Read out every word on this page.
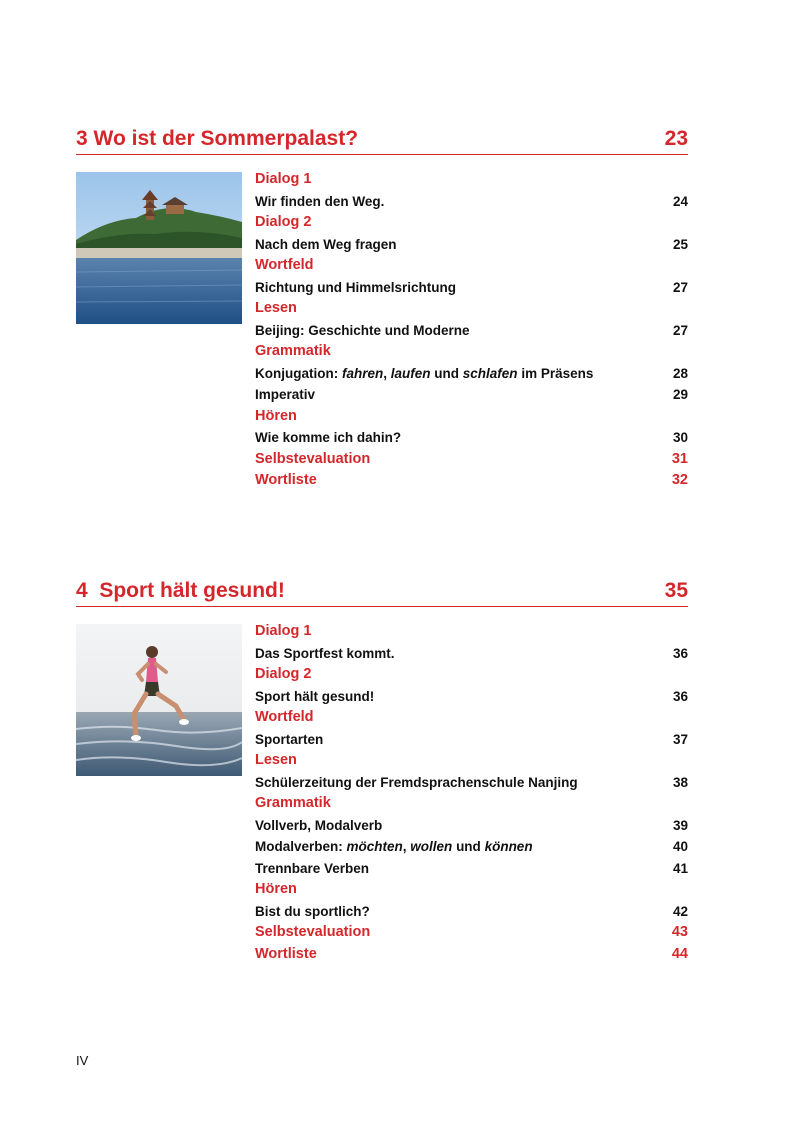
3 Wo ist der Sommerpalast?	23
Dialog 1
Wir finden den Weg.	24
Dialog 2
Nach dem Weg fragen	25
Wortfeld
Richtung und Himmelsrichtung	27
Lesen
Beijing: Geschichte und Moderne	27
Grammatik
Konjugation: fahren, laufen und schlafen im Präsens	28
Imperativ	29
Hören
Wie komme ich dahin?	30
Selbstevaluation	31
Wortliste	32
4  Sport hält gesund!	35
Dialog 1
Das Sportfest kommt.	36
Dialog 2
Sport hält gesund!	36
Wortfeld
Sportarten	37
Lesen
Schülerzeitung der Fremdsprachenschule Nanjing	38
Grammatik
Vollverb, Modalverb	39
Modalverben: möchten, wollen und können	40
Trennbare Verben	41
Hören
Bist du sportlich?	42
Selbstevaluation	43
Wortliste	44
IV
